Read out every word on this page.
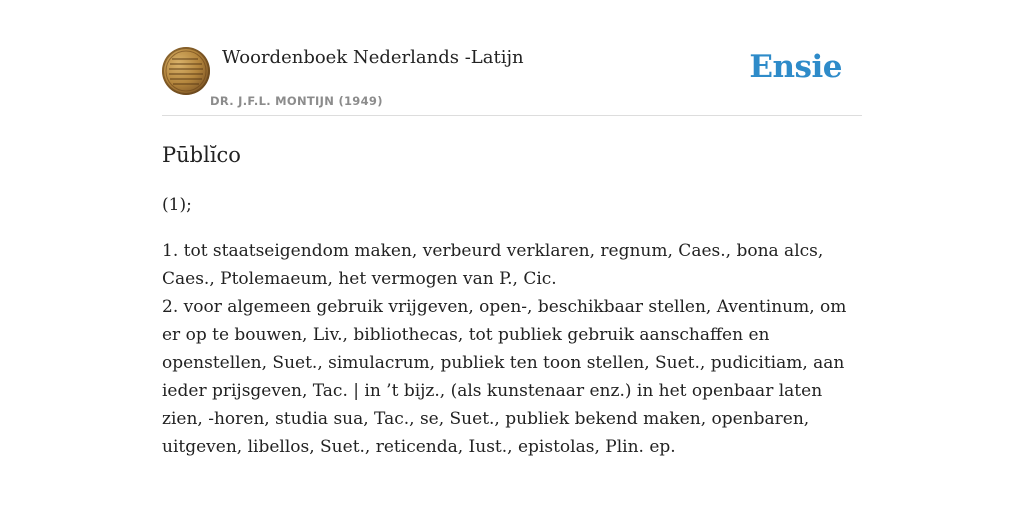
Woordenboek Nederlands -Latijn
DR. J.F.L. MONTIJN (1949)
Ensie
Pūblĭco
(1);

1. tot staatseigendom maken, verbeurd verklaren, regnum, Caes., bona alcs, Caes., Ptolemaeum, het vermogen van P., Cic.

2. voor algemeen gebruik vrijgeven, open-, beschikbaar stellen, Aventinum, om er op te bouwen, Liv., bibliothecas, tot publiek gebruik aanschaffen en openstellen, Suet., simulacrum, publiek ten toon stellen, Suet., pudicitiam, aan ieder prijsgeven, Tac. | in ’t bijz., (als kunstenaar enz.) in het openbaar laten zien, -horen, studia sua, Tac., se, Suet., publiek bekend maken, openbaren, uitgeven, libellos, Suet., reticenda, Iust., epistolas, Plin. ep.
